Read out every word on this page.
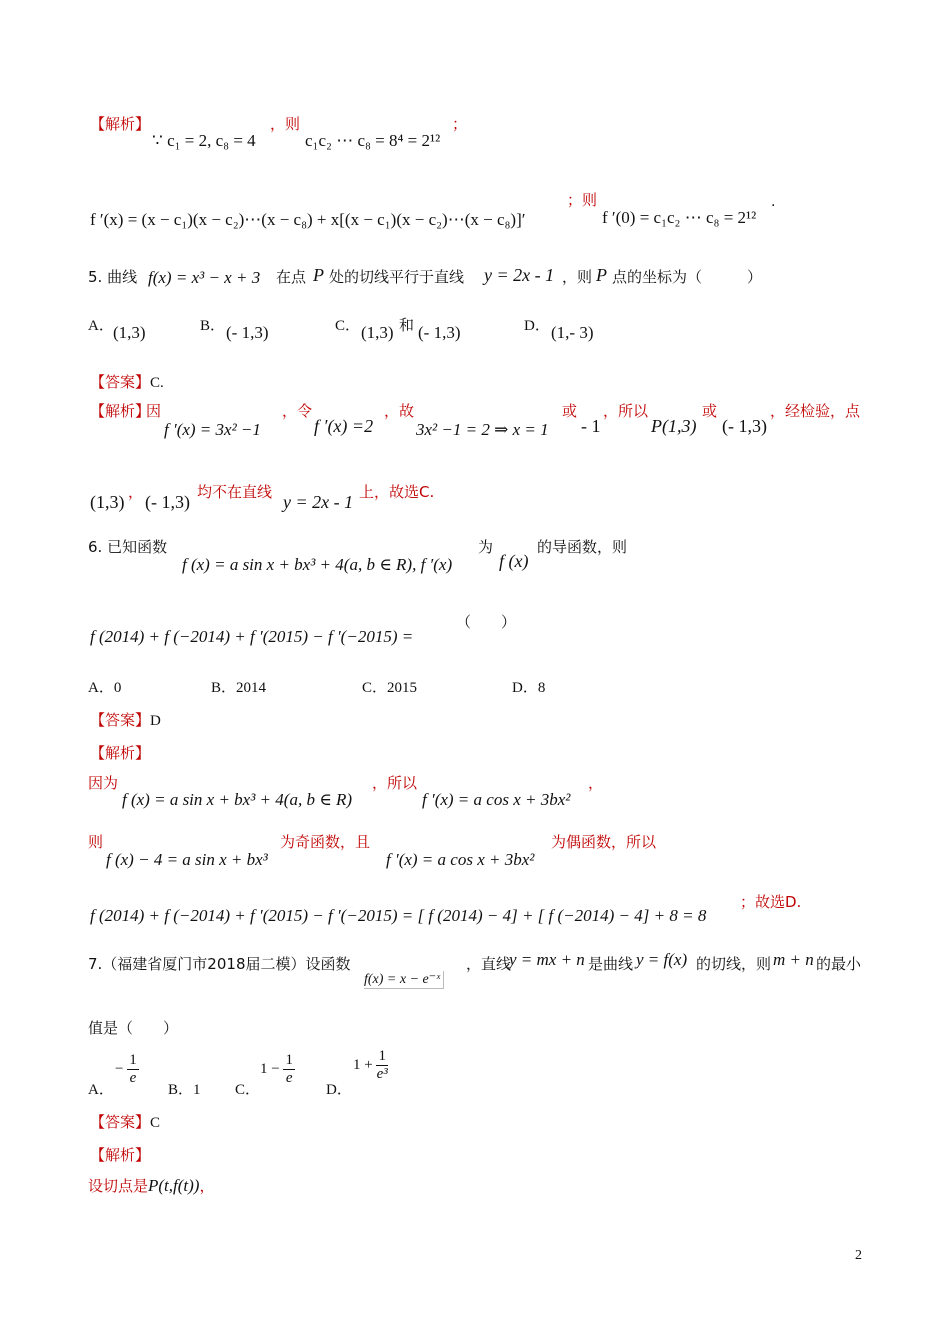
【解析】
∵ c₁ = 2, c₈ = 4
，则
c₁c₂ ⋯ c₈ = 8⁴ = 2¹²
；
f ′(x) = (x − c₁)(x − c₂)⋯(x − c₈) + x[(x − c₁)(x − c₂)⋯(x − c₈)]′
；则
f ′(0) = c₁c₂ ⋯ c₈ = 2¹²
.
5. 曲线 f(x) = x³ − x + 3 在点 P 处的切线平行于直线 y = 2x - 1 ，则 P 点的坐标为（　　　）
A． (1,3)	B． (- 1,3)	C． (1,3) 和 (- 1,3)	D． (1,- 3)
【答案】C.
【解析】
因
f ′(x) = 3x² −1
，令
f ′(x) =2
，故
3x² −1 = 2 ⇒ x = 1
或
- 1
，所以
P(1,3)
或
(- 1,3)
，经检验，点
(1,3) ， (- 1,3) 均不在直线 y = 2x - 1 上，故选C.
6. 已知函数
f (x) = a sin x + bx³ + 4(a, b ∈ R), f ′(x)
为
f (x)
的导函数，则
f (2014) + f (−2014) + f ′(2015) − f ′(−2015) =
（　　）
A．0	B．2014	C．2015	D．8
【答案】D
【解析】
因为
f (x) = a sin x + bx³ + 4(a, b ∈ R)
，所以
f ′(x) = a cos x + 3bx²
，
则
f (x) − 4 = a sin x + bx³
为奇函数，且
f ′(x) = a cos x + 3bx²
为偶函数，所以
f (2014) + f (−2014) + f ′(2015) − f ′(−2015) = [ f (2014) − 4] + [ f (−2014) − 4] + 8 = 8
；故选D.
7.（福建省厦门市2018届二模）设函数
f(x) = x − e⁻ˣ
，直线
y = mx + n 是曲线 y = f(x) 的切线，则 m + n 的最小
值是（　　）
A．
− $\frac{1}{e}$
B．1 C．
$1 - \frac{1}{e}$
D．
$1 + \frac{1}{\text{e³}}$
【答案】C
【解析】
设切点是P(t,f(t))，
2
